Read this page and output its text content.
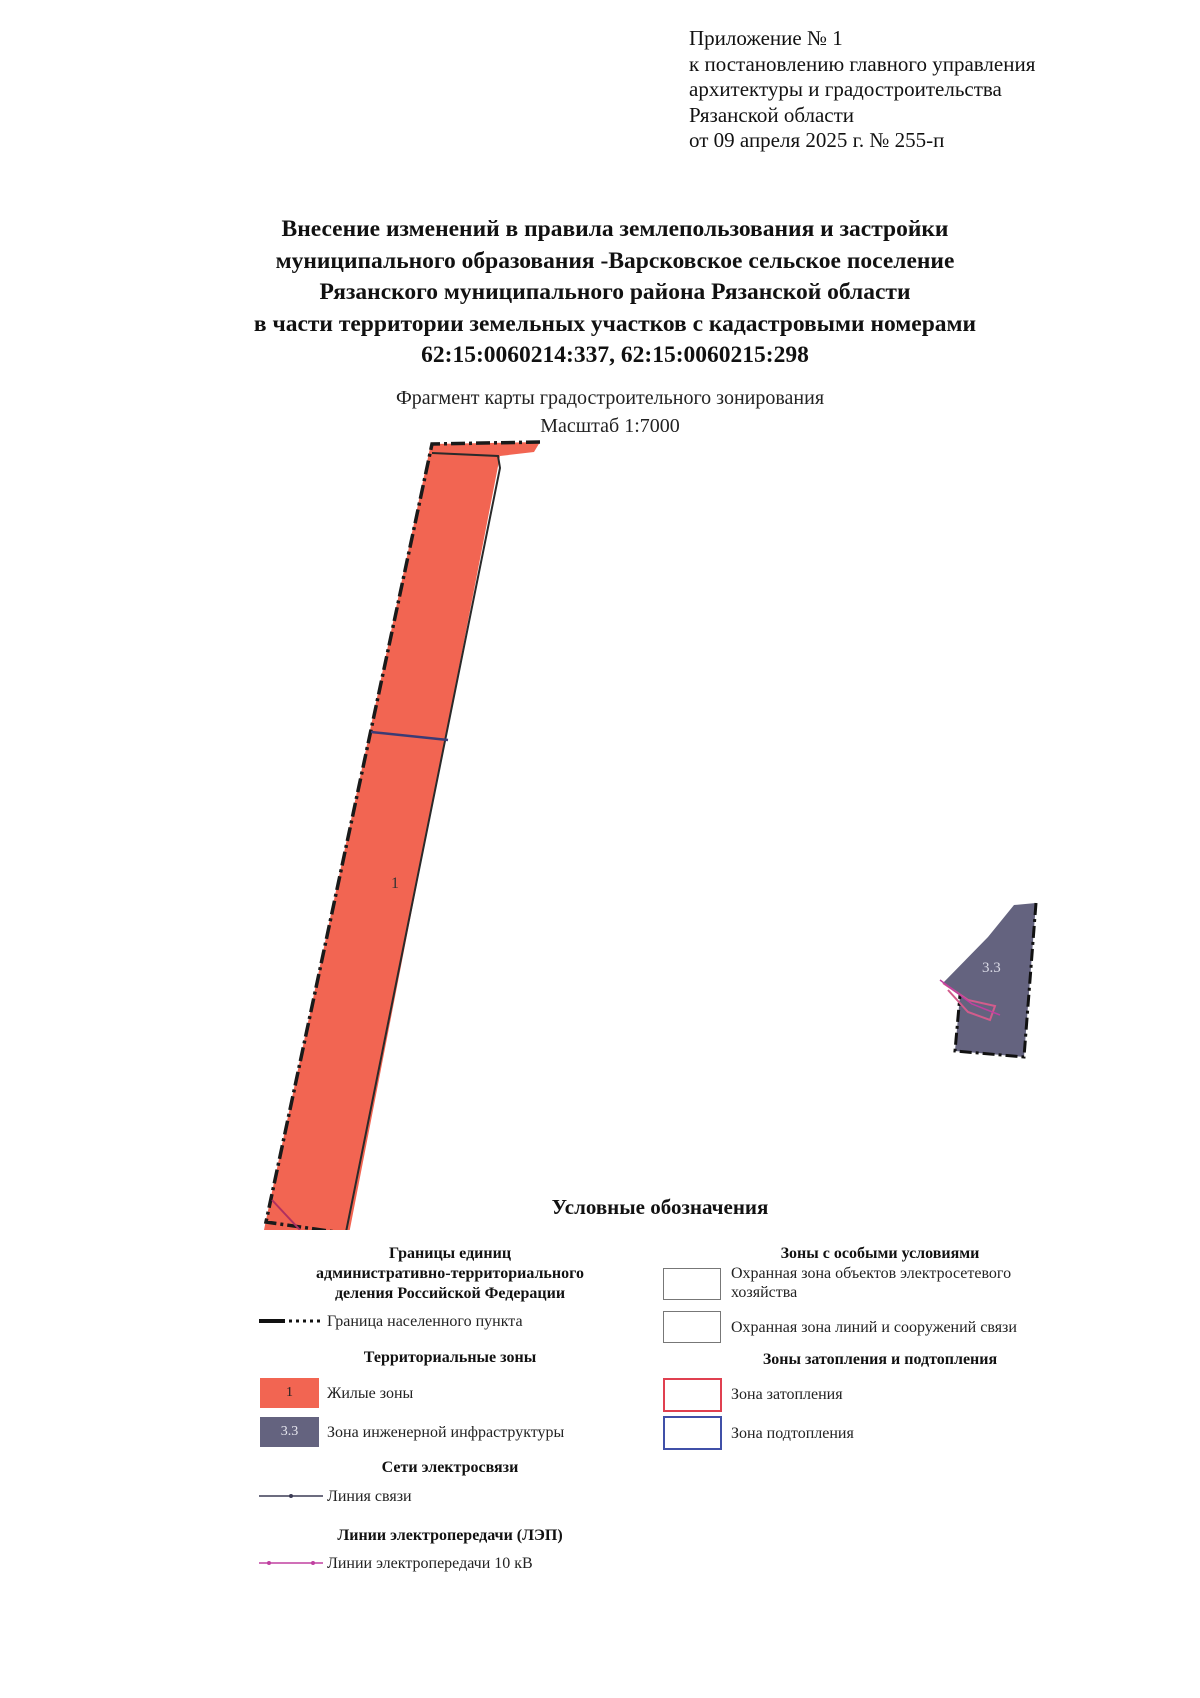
Приложение № 1
к постановлению главного управления
архитектуры и градостроительства
Рязанской области
от 09 апреля 2025 г. № 255-п
Внесение изменений в правила землепользования и застройки
муниципального образования -Варсковское сельское поселение
Рязанского муниципального района Рязанской области
в части территории земельных участков с кадастровыми номерами
62:15:0060214:337, 62:15:0060215:298
Фрагмент карты градостроительного зонирования
Масштаб 1:7000
1
3.3
Условные обозначения
Границы единиц
административно-территориального
деления Российской Федерации
Граница населенного пункта
Территориальные зоны
1 Жилые зоны
3.3 Зона инженерной инфраструктуры
Сети электросвязи
Линия связи
Линии электропередачи (ЛЭП)
Линии электропередачи 10 кВ
Зоны с особыми условиями
Охранная зона объектов электросетевого
хозяйства
Охранная зона линий и сооружений связи
Зоны затопления и подтопления
Зона затопления
Зона подтопления
